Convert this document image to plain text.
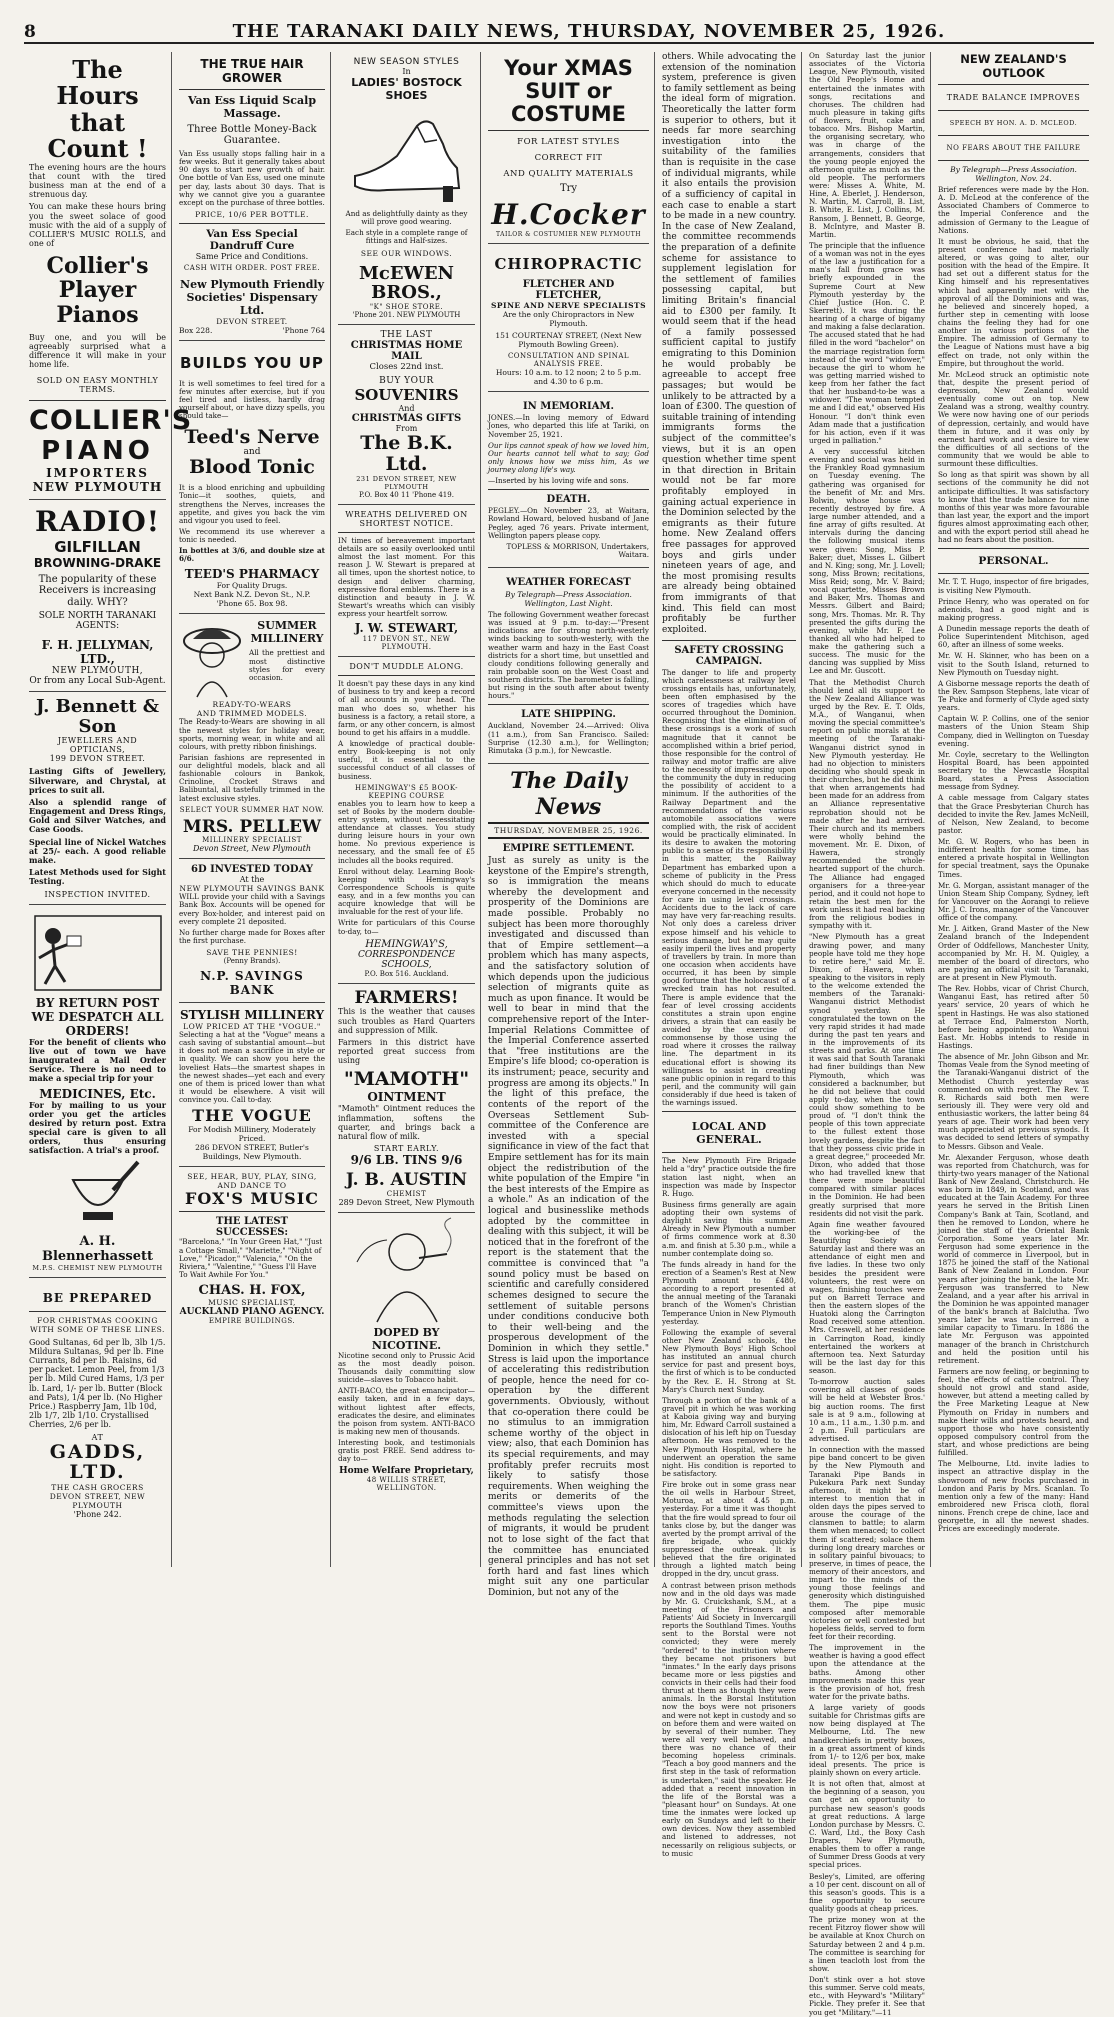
8	THE TARANAKI DAILY NEWS, THURSDAY, NOVEMBER 25, 1926.
The Hours that Count !

The evening hours are the hours that count with the tired business man at the end of a strenuous day.

You can make these hours bring you the sweet solace of good music with the aid of a supply of COLLIER'S MUSIC ROLLS, and one of

Collier's Player Pianos

Buy one, and you will be agreeably surprised what a difference it will make in your home life.

SOLD ON EASY MONTHLY TERMS.
COLLIER'S
PIANO
IMPORTERS
NEW PLYMOUTH
RADIO!
GILFILLAN
BROWNING-DRAKE

The popularity of these Receivers is increasing daily. WHY?

SOLE NORTH TARANAKI AGENTS:

F. H. JELLYMAN, LTD.,
NEW PLYMOUTH,
Or from any Local Sub-Agent.
J. Bennett & Son
JEWELLERS AND OPTICIANS,
199 DEVON STREET.

Lasting Gifts of Jewellery, Silverware, and Chrystal, at prices to suit all.

Also a splendid range of Engagement and Dress Rings, Gold and Silver Watches, and Case Goods.

Special line of Nickel Watches at 25/- each. A good reliable make.

Latest Methods used for Sight Testing.

INSPECTION INVITED.
BY RETURN POST WE DESPATCH ALL ORDERS!

For the benefit of clients who live out of town we have inaugurated a Mail Order Service. There is no need to make a special trip for your

MEDICINES, Etc.

For by mailing to us your order you get the articles desired by return post. Extra special care is given to all orders, thus ensuring satisfaction. A trial's a proof.

A. H. Blennerhassett
M.P.S. CHEMIST NEW PLYMOUTH
BE PREPARED
FOR CHRISTMAS COOKING WITH SOME OF THESE LINES.

Good Sultanas, 6d per lb, 3lb 1/5. Mildura Sultanas, 9d per lb. Fine Currants, 8d per lb. Raisins, 6d per packet. Lemon Peel, from 1/3 per lb. Mild Cured Hams, 1/3 per lb. Lard, 1/- per lb. Butter (Block and Pats), 1/4 per lb. (No Higher Price.) Raspberry Jam, 1lb 10d, 2lb 1/7, 2lb 1/10. Crystallised Cherries, 2/6 per lb.

AT
GADDS, LTD.
THE CASH GROCERS
DEVON STREET, NEW PLYMOUTH
'Phone 242.
THE TRUE HAIR GROWER
Van Ess Liquid Scalp Massage.
Three Bottle Money-Back Guarantee.

Van Ess usually stops falling hair in a few weeks. But it generally takes about 90 days to start new growth of hair. One bottle of Van Ess, used one minute per day, lasts about 30 days. That is why we cannot give you a guarantee except on the purchase of three bottles.

PRICE, 10/6 PER BOTTLE.
Van Ess Special Dandruff Cure
Same Price and Conditions.
CASH WITH ORDER. POST FREE.
New Plymouth Friendly Societies' Dispensary Ltd.
DEVON STREET.
Box 228.	'Phone 764
BUILDS YOU UP

It is well sometimes to feel tired for a few minutes after exercise, but if you feel tired and listless, hardly drag yourself about, or have dizzy spells, you should take—

Teed's Nerve
and
Blood Tonic

It is a blood enriching and upbuilding Tonic—it soothes, quiets, and strengthens the Nerves, increases the appetite, and gives you back the vim and vigour you used to feel.

We recommend its use wherever a tonic is needed.

In bottles at 3/6, and double size at 6/6.

TEED'S PHARMACY
For Quality Drugs.
Next Bank N.Z. Devon St., N.P.
'Phone 65. Box 98.
SUMMER MILLINERY

All the prettiest and most distinctive styles for every occasion.

READY-TO-WEARS
AND TRIMMED MODELS.

The Ready-to-Wears are showing in all the newest styles for holiday wear, sports, morning wear, in white and all colours, with pretty ribbon finishings.

Parisian fashions are represented in our delightful models, black and all fashionable colours in Bankok, Crinoline, Crocket Straws and Balibuntal, all tastefully trimmed in the latest exclusive styles.

SELECT YOUR SUMMER HAT NOW.
MRS. PELLEW
MILLINERY SPECIALIST
Devon Street, New Plymouth
6D INVESTED TODAY
At the
NEW PLYMOUTH SAVINGS BANK

WILL provide your child with a Savings Bank Box. Accounts will be opened for every Box-holder, and interest paid on every complete 21 deposited.

No further charge made for Boxes after the first purchase.

SAVE THE PENNIES!
(Penny Brands).
N.P. SAVINGS BANK
STYLISH MILLINERY
LOW PRICED AT THE "VOGUE."

Selecting a hat at the "Vogue" means a cash saving of substantial amount—but it does not mean a sacrifice in style or in quality. We can show you here the loveliest Hats—the smartest shapes in the newest shades—yet each and every one of them is priced lower than what it would be elsewhere. A visit will convince you. Call to-day.

THE VOGUE
For Modish Millinery, Moderately Priced.
286 DEVON STREET, Butler's Buildings, New Plymouth.
SEE, HEAR, BUY, PLAY, SING, AND DANCE TO
FOX'S MUSIC
THE LATEST SUCCESSES:

"Barcelona," "In Your Green Hat," "Just a Cottage Small," "Mariette," "Night of Love," "Picador," "Valencia," "On the Riviera," "Valentine," "Guess I'll Have To Wait Awhile For You."

CHAS. H. FOX,
MUSIC SPECIALIST,
AUCKLAND PIANO AGENCY.
EMPIRE BUILDINGS.
NEW SEASON STYLES
In
LADIES' BOSTOCK SHOES

And as delightfully dainty as they will prove good wearing.

Each style in a complete range of fittings and Half-sizes.

SEE OUR WINDOWS.
McEWEN BROS.,
"K" SHOE STORE.
'Phone 201. NEW PLYMOUTH
THE LAST
CHRISTMAS HOME MAIL
Closes 22nd inst.
BUY YOUR
SOUVENIRS
And
CHRISTMAS GIFTS
From
The B.K. Ltd.
231 DEVON STREET, NEW PLYMOUTH
P.O. Box 40 11 'Phone 419.
WREATHS DELIVERED ON SHORTEST NOTICE.

IN times of bereavement important details are so easily overlooked until almost the last moment. For this reason J. W. Stewart is prepared at all times, upon the shortest notice, to design and deliver charming, expressive floral emblems. There is a distinction and beauty in J. W. Stewart's wreaths which can visibly express your heartfelt sorrow.

J. W. STEWART,
117 DEVON ST., NEW PLYMOUTH.
DON'T MUDDLE ALONG.

It doesn't pay these days in any kind of business to try and keep a record of all accounts in your head. The man who does so, whether his business is a factory, a retail store, a farm, or any other concern, is almost bound to get his affairs in a muddle.

A knowledge of practical double-entry Book-keeping is not only useful, it is essential to the successful conduct of all classes of business.

HEMINGWAY'S £5 BOOK-KEEPING COURSE

enables you to learn how to keep a set of Books by the modern double-entry system, without necessitating attendance at classes. You study during leisure hours in your own home. No previous experience is necessary, and the small fee of £5 includes all the books required.

Enrol without delay. Learning Book-keeping with Hemingway's Correspondence Schools is quite easy, and in a few months you can acquire knowledge that will be invaluable for the rest of your life.

Write for particulars of this Course to-day, to—

HEMINGWAY'S,
CORRESPONDENCE SCHOOLS,
P.O. Box 516. Auckland.
FARMERS!

This is the weather that causes such troubles as Hard Quarters and suppression of Milk.

Farmers in this district have reported great success from using

"MAMOTH"
OINTMENT

"Mamoth" Ointment reduces the inflammation, softens the quarter, and brings back a natural flow of milk.

START EARLY.
9/6 LB. TINS 9/6
J. B. AUSTIN
CHEMIST
289 Devon Street, New Plymouth
DOPED BY NICOTINE.

Nicotine second only to Prussic Acid as the most deadly poison. Thousands daily committing slow suicide—slaves to Tobacco habit.

ANTI-BACO, the great emancipator—easily taken, and in a few days, without lightest after effects, eradicates the desire, and eliminates the poison from system. ANTI-BACO is making new men of thousands.

Interesting book, and testimonials gratis post FREE. Send address to-day to—

Home Welfare Proprietary,
48 WILLIS STREET, WELLINGTON.
Your XMAS SUIT or COSTUME
FOR LATEST STYLES
CORRECT FIT
AND QUALITY MATERIALS
Try
H.Cocker
TAILOR & COSTUMIER NEW PLYMOUTH
CHIROPRACTIC
FLETCHER AND FLETCHER,
SPINE AND NERVE SPECIALISTS
Are the only Chiropractors in New Plymouth.
151 COURTENAY STREET, (Next New Plymouth Bowling Green).
CONSULTATION AND SPINAL ANALYSIS FREE.
Hours: 10 a.m. to 12 noon; 2 to 5 p.m. and 4.30 to 6 p.m.
IN MEMORIAM.

JONES.—In loving memory of Edward Jones, who departed this life at Tariki, on November 25, 1921.

Our lips cannot speak of how we loved him, Our hearts cannot tell what to say; God only knows how we miss him, As we journey along life's way.

—Inserted by his loving wife and sons.

DEATH.

PEGLEY.—On November 23, at Waitara, Rowland Howard, beloved husband of Jane Pegley, aged 76 years. Private interment, Wellington papers please copy.

TOPLESS & MORRISON, Undertakers, Waitara.

WEATHER FORECAST
By Telegraph—Press Association. Wellington, Last Night.

The following Government weather forecast was issued at 9 p.m. to-day:—"Present indications are for strong north-westerly winds backing to south-westerly, with the weather warm and hazy in the East Coast districts for a short time, but unsettled and cloudy conditions following generally and rain probable soon on the West Coast and southern districts. The barometer is falling, but rising in the south after about twenty hours."

LATE SHIPPING.

Auckland, November 24.—Arrived: Oliva (11 a.m.), from San Francisco. Sailed: Surprise (12.30 a.m.), for Wellington; Rimutaka (3 p.m.), for Newcastle.

The Daily News
THURSDAY, NOVEMBER 25, 1926.
EMPIRE SETTLEMENT.

Just as surely as unity is the keystone of the Empire's strength, so is immigration the means whereby the development and prosperity of the Dominions are made possible. Probably no subject has been more thoroughly investigated and discussed than that of Empire settlement—a problem which has many aspects, and the satisfactory solution of which depends upon the judicious selection of migrants quite as much as upon finance. It would be well to bear in mind that the comprehensive report of the Inter-Imperial Relations Committee of the Imperial Conference asserted that "free institutions are the Empire's life blood; co-operation is its instrument; peace, security and progress are among its objects." In the light of this preface, the contents of the report of the Overseas Settlement Sub-committee of the Conference are invested with a special significance in view of the fact that Empire settlement has for its main object the redistribution of the white population of the Empire "in the best interests of the Empire as a whole." As an indication of the logical and businesslike methods adopted by the committee in dealing with this subject, it will be noticed that in the forefront of the report is the statement that the committee is convinced that "a sound policy must be based on scientific and carefully considered schemes designed to secure the settlement of suitable persons under conditions conducive both to their well-being and the prosperous development of the Dominion in which they settle." Stress is laid upon the importance of accelerating this redistribution of people, hence the need for co-operation by the different governments. Obviously, without that co-operation there could be no stimulus to an immigration scheme worthy of the object in view; also, that each Dominion has its special requirements, and may profitably prefer recruits most likely to satisfy those requirements. When weighing the merits or demerits of the committee's views upon the methods regulating the selection of migrants, it would be prudent not to lose sight of the fact that the committee has enunciated general principles and has not set forth hard and fast lines which might suit any one particular Dominion, but not any of the

others. While advocating the extension of the nomination system, preference is given to family settlement as being the ideal form of migration. Theoretically the latter form is superior to others, but it needs far more searching investigation into the suitability of the families than is requisite in the case of individual migrants, while it also entails the provision of a sufficiency of capital in each case to enable a start to be made in a new country. In the case of New Zealand, the committee recommends the preparation of a definite scheme for assistance to supplement legislation for the settlement of families possessing capital, but limiting Britain's financial aid to £300 per family. It would seem that if the head of a family possessed sufficient capital to justify emigrating to this Dominion he would probably be agreeable to accept free passages; but would be unlikely to be attracted by a loan of £300. The question of suitable training of intending immigrants forms the subject of the committee's views, but it is an open question whether time spent in that direction in Britain would not be far more profitably employed in gaining actual experience in the Dominion selected by the emigrants as their future home. New Zealand offers free passages for approved boys and girls under nineteen years of age, and the most promising results are already being obtained from immigrants of that kind. This field can most profitably be further exploited.

SAFETY CROSSING CAMPAIGN.

The danger to life and property which carelessness at railway level crossings entails has, unfortunately, been often emphasised by the scores of tragedies which have occurred throughout the Dominion. Recognising that the elimination of these crossings is a work of such magnitude that it cannot be accomplished within a brief period, those responsible for the control of railway and motor traffic are alive to the necessity of impressing upon the community the duty in reducing the possibility of accident to a minimum. If the authorities of the Railway Department and the recommendations of the various automobile associations were complied with, the risk of accident would be practically eliminated. In its desire to awaken the motoring public to a sense of its responsibility in this matter, the Railway Department has embarked upon a scheme of publicity in the Press which should do much to educate everyone concerned in the necessity for care in using level crossings. Accidents due to the lack of care may have very far-reaching results. Not only does a careless driver expose himself and his vehicle to serious damage, but he may quite easily imperil the lives and property of travellers by train. In more than one occasion when accidents have occurred, it has been by simple good fortune that the holocaust of a wrecked train has not resulted. There is ample evidence that the fear of level crossing accidents constitutes a strain upon engine drivers, a strain that can easily be avoided by the exercise of commonsense by those using the road where it crosses the railway line. The department in its educational effort is showing its willingness to assist in creating sane public opinion in regard to this peril, and the community will gain considerably if due heed is taken of the warnings issued.

LOCAL AND GENERAL.

The New Plymouth Fire Brigade held a "dry" practice outside the fire station last night, when an inspection was made by Inspector R. Hugo.

Business firms generally are again adopting their own systems of daylight saving this summer. Already in New Plymouth a number of firms commence work at 8.30 a.m. and finish at 5.30 p.m., while a number contemplate doing so.

The funds already in hand for the erection of a Seamen's Rest at New Plymouth amount to £480, according to a report presented at the annual meeting of the Taranaki branch of the Women's Christian Temperance Union in New Plymouth yesterday.

Following the example of several other New Zealand schools, the New Plymouth Boys' High School has instituted an annual church service for past and present boys, the first of which is to be conducted by the Rev. E. H. Strong at St. Mary's Church next Sunday.

Through a portion of the bank of a gravel pit in which he was working at Kaboia giving way and burying him, Mr. Edward Carroll sustained a dislocation of his left hip on Tuesday afternoon. He was removed to the New Plymouth Hospital, where he underwent an operation the same night. His condition is reported to be satisfactory.

Fire broke out in some grass near the oil wells in Harbour Street, Moturoa, at about 4.45 p.m. yesterday. For a time it was thought that the fire would spread to four oil tanks close by, but the danger was averted by the prompt arrival of the fire brigade, who quickly suppressed the outbreak. It is believed that the fire originated through a lighted match being dropped in the dry, uncut grass.

A contrast between prison methods now and in the old days was made by Mr. G. Cruickshank, S.M., at a meeting of the Prisoners and Patients' Aid Society in Invercargill reports the Southland Times. Youths sent to the Borstal were not convicted; they were merely "ordered" to the institution where they became not prisoners but "inmates." In the early days prisons became more or less pigsties and convicts in their cells had their food thrust at them as though they were animals. In the Borstal Institution now the boys were not prisoners and were not kept in custody and so on before them and were waited on by several of their number. They were all very well behaved, and there was no chance of their becoming hopeless criminals. "Teach a boy good manners and the first step in the task of reformation is undertaken," said the speaker. He added that a recent innovation in the life of the Borstal was a "pleasant hour" on Sundays. At one time the inmates were locked up early on Sundays and left to their own devices. Now they assembled and listened to addresses, not necessarily on religious subjects, or to music

On Saturday last the junior associates of the Victoria League, New Plymouth, visited the Old People's Home and entertained the inmates with songs, recitations and choruses. The children had much pleasure in taking gifts of flowers, fruit, cake and tobacco. Mrs. Bishop Martin, the organising secretary, who was in charge of the arrangements, considers that the young people enjoyed the afternoon quite as much as the old people. The performers were: Misses A. White, M. Hine, A. Eberlet, J. Henderson, N. Martin, M. Carroll, B. List, B. White, E. List, J. Collins, M. Ransom, J. Bennett, B. George, B. McIntyre, and Master B. Martin.

The principle that the influence of a woman was not in the eyes of the law a justification for a man's fall from grace was briefly expounded in the Supreme Court at New Plymouth yesterday by the Chief Justice (Hon. C. P. Skerrett). It was during the hearing of a charge of bigamy and making a false declaration. The accused stated that he had filled in the word "bachelor" on the marriage registration form instead of the word "widower," because the girl to whom he was getting married wished to keep from her father the fact that her husband-to-be was a widower. "The woman tempted me and I did eat," observed His Honour. "I don't think even Adam made that a justification for his action, even if it was urged in palliation."

A very successful kitchen evening and social was held in the Frankley Road gymnasium on Tuesday evening. The gathering was organised for the benefit of Mr. and Mrs. Bolwin, whose house was recently destroyed by fire. A large number attended, and a fine array of gifts resulted. At intervals during the dancing the following musical items were given: Song, Miss P. Baker; duet, Misses L. Gilbert and N. King; song, Mr. J. Lovell; song, Miss Brown; recitations, Miss Reid; song, Mr. V. Baird; vocal quartette, Misses Brown and Baker, Mrs. Thomas and Messrs. Gilbert and Baird; song, Mrs. Thomas. Mr. R. Thy presented the gifts during the evening, while Mr. F. Lee thanked all who had helped to make the gathering such a success. The music for the dancing was supplied by Miss Lee and Mr. Guscott.

That the Methodist Church should lend all its support to the New Zealand Alliance was urged by the Rev. E. T. Olds, M.A., of Wanganui, when moving the special committee's report on public morals at the meeting of the Taranaki-Wanganui district synod in New Plymouth yesterday. He had no objection to ministers deciding who should speak in their churches, but he did think that when arrangements had been made for an address from an Alliance representative reprobation should not be made after he had arrived. Their church and its members were wholly behind the movement. Mr. E. Dixon, of Hawera, strongly recommended the whole-hearted support of the church. The Alliance had engaged organisers for a three-year period, and it could not hope to retain the best men for the work unless it had real backing from the religious bodies in sympathy with it.

"New Plymouth has a great drawing power, and many people have told me they hope to retire here," said Mr. E. Dixon, of Hawera, when speaking to the visitors in reply to the welcome extended the members of the Taranaki-Wanganui district Methodist synod yesterday. He congratulated the town on the very rapid strides it had made during the past ten years and in the improvements of its streets and parks. At one time it was said that South Taranaki had finer buildings than New Plymouth, which was considered a backnumber, but he did not believe that could apply to-day, when the town could show something to be proud of. "I don't think the people of this town appreciate to the fullest extent those lovely gardens, despite the fact that they possess civic pride in a great degree," proceeded Mr. Dixon, who added that those who had travelled knew that there were more beautiful compared with similar places in the Dominion. He had been greatly surprised that more residents did not visit the park.

Again fine weather favoured the working-bee of the Beautifying Society on Saturday last and there was an attendance of eight men and five ladies. In these two only besides the president were volunteers, the rest were on wages, finishing touches were put on Barrett Terrace and then the eastern slopes of the Huatoki along the Carrington Road received some attention. Mrs. Creswell, at her residence in Carrington Road, kindly entertained the workers at afternoon tea. Next Saturday will be the last day for this season.

To-morrow auction sales covering all classes of goods will be held at Webster Bros.' big auction rooms. The first sale is at 9 a.m., following at 10 a.m., 11 a.m., 1.30 p.m. and 2 p.m. Full particulars are advertised.

In connection with the massed pipe band concert to be given by the New Plymouth and Taranaki Pipe Bands in Pukekura Park next Sunday afternoon, it might be of interest to mention that in olden days the pipes served to arouse the courage of the clansmen to battle; to alarm them when menaced; to collect them if scattered; solace them during long dreary marches or in solitary painful bivouacs; to preserve, in times of peace, the memory of their ancestors, and impart to the minds of the young those feelings and generosity which distinguished them. The pipe music composed after memorable victories or well contested but hopeless fields, served to form feet for their recording.

The improvement in the weather is having a good effect upon the attendance at the baths. Among other improvements made this year is the provision of hot, fresh water for the private baths.

A large variety of goods suitable for Christmas gifts are now being displayed at The Melbourne, Ltd. The new handkerchiefs in pretty boxes, in a great assortment of kinds from 1/- to 12/6 per box, make ideal presents. The price is plainly shown on every article.

It is not often that, almost at the beginning of a season, you can get an opportunity to purchase new season's goods at great reductions. A large London purchase by Messrs. C. C. Ward, Ltd., the Boxy Cash Drapers, New Plymouth, enables them to offer a range of Summer Dress Goods at very special prices.

Besley's, Limited, are offering a 10 per cent. discount on all of this season's goods. This is a fine opportunity to secure quality goods at cheap prices.

The prize money won at the recent Fitzroy flower show will be available at Knox Church on Saturday between 2 and 4 p.m. The committee is searching for a linen teacloth lost from the show.

Don't stink over a hot stove this summer. Serve cold meats, etc., with Heyward's "Military" Pickle. They prefer it. See that you get "Military."—11

NEW ZEALAND'S OUTLOOK
TRADE BALANCE IMPROVES
SPEECH BY HON. A. D. MCLEOD.
NO FEARS ABOUT THE FAILURE
By Telegraph—Press Association. Wellington, Nov. 24.

Brief references were made by the Hon. A. D. McLeod at the conference of the Associated Chambers of Commerce to the Imperial Conference and the admission of Germany to the League of Nations.

It must be obvious, he said, that the present conference had materially altered, or was going to alter, our position with the head of the Empire. It had set out a different status for the King himself and his representatives which had apparently met with the approval of all the Dominions and was, he believed and sincerely hoped, a further step in cementing with loose chains the feeling they had for one another in various portions of the Empire. The admission of Germany to the League of Nations must have a big effect on trade, not only within the Empire, but throughout the world.

Mr. McLeod struck an optimistic note that, despite the present period of depression, New Zealand would eventually come out on top. New Zealand was a strong, wealthy country. We were now having one of our periods of depression, certainly, and would have them in future, and it was only by earnest hard work and a desire to view the difficulties of all sections of the community that we would be able to surmount these difficulties.

So long as that spirit was shown by all sections of the community he did not anticipate difficulties. It was satisfactory to know that the trade balance for nine months of this year was more favourable than last year, the export and the import figures almost approximating each other, and with the export period still ahead he had no fears about the position.

PERSONAL.

Mr. T. T. Hugo, inspector of fire brigades, is visiting New Plymouth.

Prince Henry, who was operated on for adenoids, had a good night and is making progress.

A Dunedin message reports the death of Police Superintendent Mitchison, aged 60, after an illness of some weeks.

Mr. W. H. Skinner, who has been on a visit to the South Island, returned to New Plymouth on Tuesday night.

A Gisborne message reports the death of the Rev. Sampson Stephens, late vicar of Te Puke and formerly of Clyde aged sixty years.

Captain W. P. Collins, one of the senior masters of the Union Steam Ship Company, died in Wellington on Tuesday evening.

Mr. Coyle, secretary to the Wellington Hospital Board, has been appointed secretary to the Newcastle Hospital Board, states a Press Association message from Sydney.

A cable message from Calgary states that the Grace Presbyterian Church has decided to invite the Rev. James McNeill, of Nelson, New Zealand, to become pastor.

Mr. G. W. Rogers, who has been in indifferent health for some time, has entered a private hospital in Wellington for special treatment, says the Opunake Times.

Mr. G. Morgan, assistant manager of the Union Steam Ship Company, Sydney, left for Vancouver on the Aorangi to relieve Mr. J. C. Irons, manager of the Vancouver office of the company.

Mr. J. Aitken, Grand Master of the New Zealand branch of the Independent Order of Oddfellows, Manchester Unity, accompanied by Mr. H. M. Quigley, a member of the board of directors, who are paying an official visit to Taranaki, are at present in New Plymouth.

The Rev. Hobbs, vicar of Christ Church, Wanganui East, has retired after 50 years' service, 20 years of which he spent in Hastings. He was also stationed at Terrace End, Palmerston North, before being appointed to Wanganui East. Mr. Hobbs intends to reside in Hastings.

The absence of Mr. John Gibson and Mr. Thomas Veale from the Synod meeting of the Taranaki-Wanganui district of the Methodist Church yesterday was commented on with regret. The Rev. T. R. Richards said both men were seriously ill. They were very old and enthusiastic workers, the latter being 84 years of age. Their work had been very much appreciated at previous synods. It was decided to send letters of sympathy to Messrs. Gibson and Veale.

Mr. Alexander Ferguson, whose death was reported from Chatchurch, was for thirty-two years manager of the National Bank of New Zealand, Christchurch. He was born in 1849, in Scotland, and was educated at the Tain Academy. For three years he served in the British Linen Company's Bank at Tain, Scotland, and then he removed to London, where he joined the staff of the Oriental Bank Corporation. Some years later Mr. Ferguson had some experience in the world of commerce in Liverpool, but in 1875 he joined the staff of the National Bank of New Zealand in London. Four years after joining the bank, the late Mr. Ferguson was transferred to New Zealand, and a year after his arrival in the Dominion he was appointed manager of the bank's branch at Balclutha. Two years later he was transferred in a similar capacity to Timaru. In 1886 the late Mr. Ferguson was appointed manager of the branch in Christchurch and held the position until his retirement.

Farmers are now feeling, or beginning to feel, the effects of cattle control. They should not growl and stand aside, however, but attend a meeting called by the Free Marketing League at New Plymouth on Friday in numbers and make their wills and protests heard, and support those who have consistently opposed compulsory control from the start, and whose predictions are being fulfilled.

The Melbourne, Ltd. invite ladies to inspect an attractive display in the showroom of new frocks purchased in London and Paris by Mrs. Scanlan. To mention only a few of the many: Hand embroidered new Frisca cloth, floral ninons. French crepe de chine, lace and georgette, in all the newest shades. Prices are exceedingly moderate.
